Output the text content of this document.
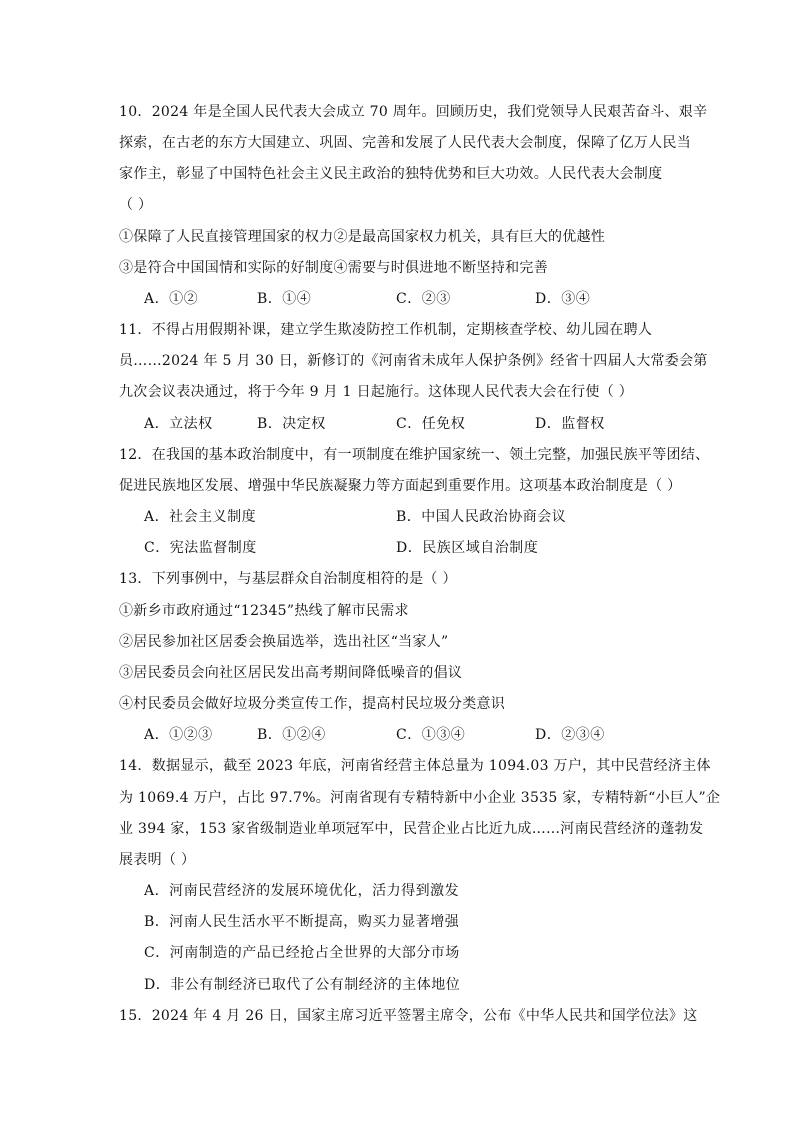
10．2024 年是全国人民代表大会成立 70 周年。回顾历史，我们党领导人民艰苦奋斗、艰辛
探索，在古老的东方大国建立、巩固、完善和发展了人民代表大会制度，保障了亿万人民当
家作主，彰显了中国特色社会主义民主政治的独特优势和巨大功效。人民代表大会制度
（ ）
①保障了人民直接管理国家的权力②是最高国家权力机关，具有巨大的优越性
③是符合中国国情和实际的好制度④需要与时俱进地不断坚持和完善
A．①②	B．①④	C．②③	D．③④
11．不得占用假期补课，建立学生欺凌防控工作机制，定期核查学校、幼儿园在聘人
员……2024 年 5 月 30 日，新修订的《河南省未成年人保护条例》经省十四届人大常委会第
九次会议表决通过，将于今年 9 月 1 日起施行。这体现人民代表大会在行使（ ）
A．立法权	B．决定权	C．任免权	D．监督权
12．在我国的基本政治制度中，有一项制度在维护国家统一、领土完整，加强民族平等团结、
促进民族地区发展、增强中华民族凝聚力等方面起到重要作用。这项基本政治制度是（ ）
A．社会主义制度	B．中国人民政治协商会议
C．宪法监督制度	D．民族区域自治制度
13．下列事例中，与基层群众自治制度相符的是（ ）
①新乡市政府通过“12345”热线了解市民需求
②居民参加社区居委会换届选举，选出社区“当家人”
③居民委员会向社区居民发出高考期间降低噪音的倡议
④村民委员会做好垃圾分类宣传工作，提高村民垃圾分类意识
A．①②③	B．①②④	C．①③④	D．②③④
14．数据显示，截至 2023 年底，河南省经营主体总量为 1094.03 万户，其中民营经济主体
为 1069.4 万户，占比 97.7%。河南省现有专精特新中小企业 3535 家，专精特新“小巨人”企
业 394 家，153 家省级制造业单项冠军中，民营企业占比近九成……河南民营经济的蓬勃发
展表明（ ）
A．河南民营经济的发展环境优化，活力得到激发
B．河南人民生活水平不断提高，购买力显著增强
C．河南制造的产品已经抢占全世界的大部分市场
D．非公有制经济已取代了公有制经济的主体地位
15．2024 年 4 月 26 日，国家主席习近平签署主席令，公布《中华人民共和国学位法》这
